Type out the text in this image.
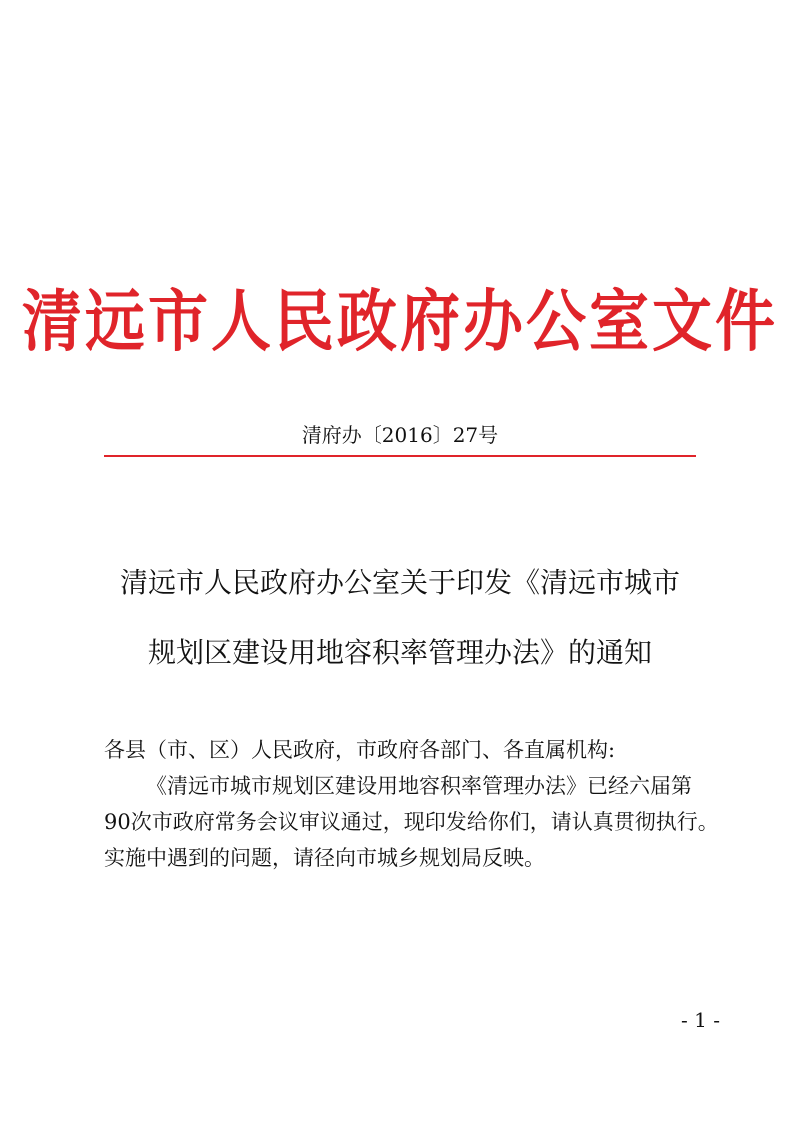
清远市人民政府办公室文件
清府办〔2016〕27号
清远市人民政府办公室关于印发《清远市城市
规划区建设用地容积率管理办法》的通知
各县（市、区）人民政府，市政府各部门、各直属机构:
《清远市城市规划区建设用地容积率管理办法》已经六届第
90次市政府常务会议审议通过，现印发给你们，请认真贯彻执行。
实施中遇到的问题，请径向市城乡规划局反映。
- 1 -
